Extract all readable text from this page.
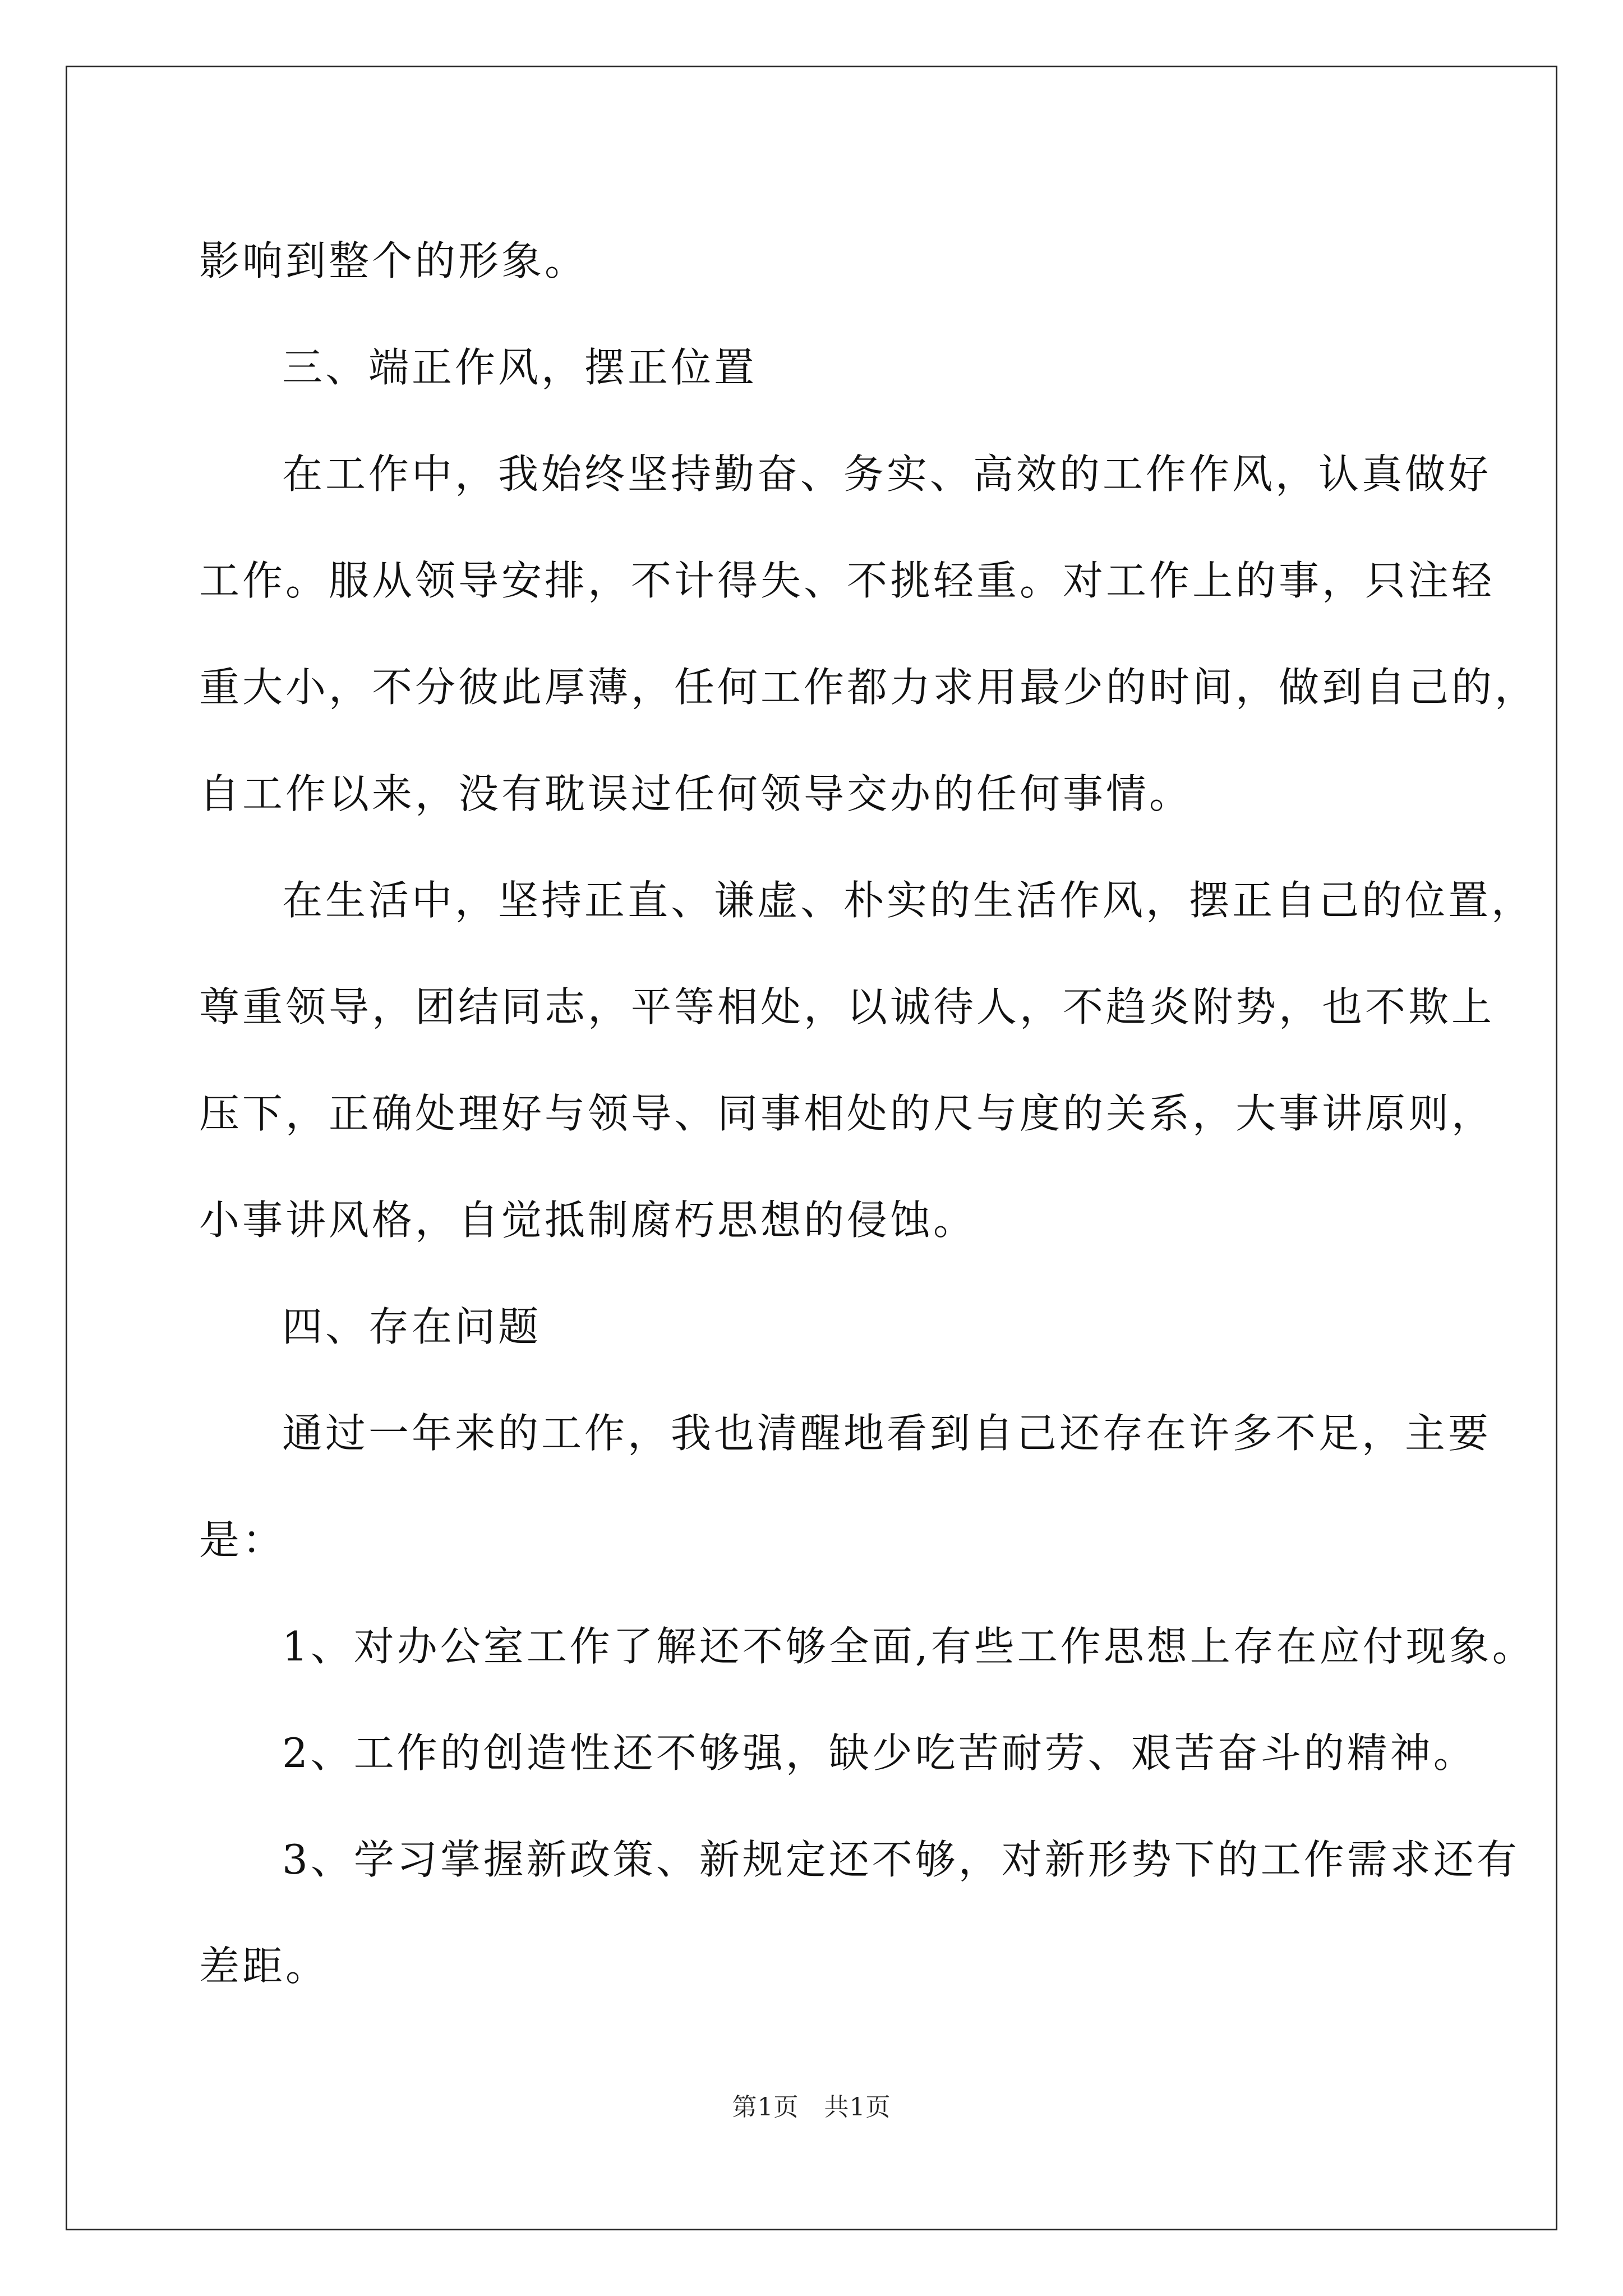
影响到整个的形象。

三、端正作风，摆正位置

在工作中，我始终坚持勤奋、务实、高效的工作作风，认真做好

工作。服从领导安排，不计得失、不挑轻重。对工作上的事，只注轻

重大小，不分彼此厚薄，任何工作都力求用最少的时间，做到自己的，

自工作以来，没有耽误过任何领导交办的任何事情。

在生活中，坚持正直、谦虚、朴实的生活作风，摆正自己的位置，

尊重领导，团结同志，平等相处，以诚待人，不趋炎附势，也不欺上

压下，正确处理好与领导、同事相处的尺与度的关系，大事讲原则，

小事讲风格，自觉抵制腐朽思想的侵蚀。

四、存在问题

通过一年来的工作，我也清醒地看到自己还存在许多不足，主要

是：

1、对办公室工作了解还不够全面,有些工作思想上存在应付现象。

2、工作的创造性还不够强，缺少吃苦耐劳、艰苦奋斗的精神。

3、学习掌握新政策、新规定还不够，对新形势下的工作需求还有

差距。

第1页 共1页
